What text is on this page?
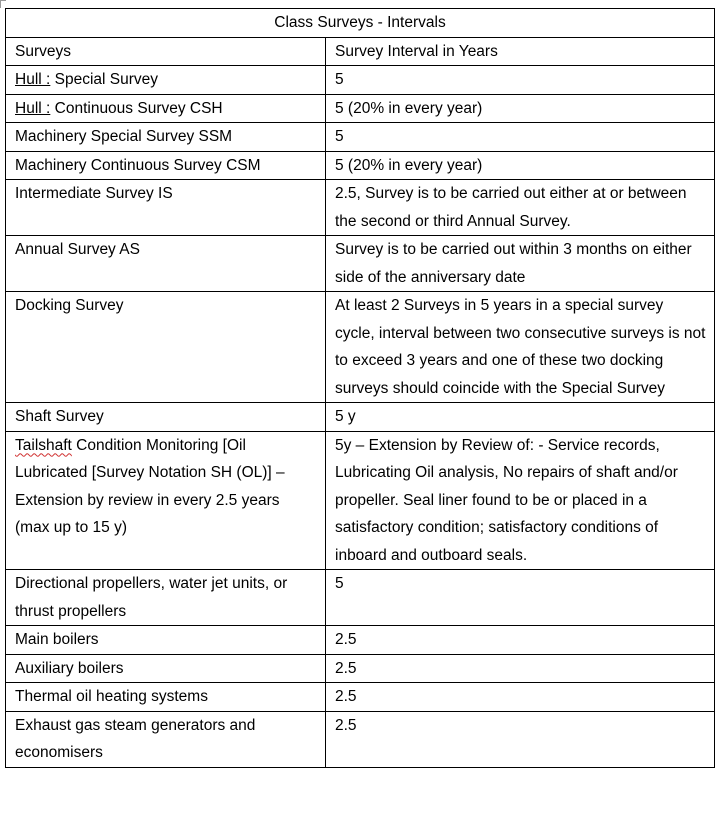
Class Surveys - Intervals	
Surveys	Survey Interval in Years
Hull : Special Survey	5
Hull : Continuous Survey CSH	5 (20% in every year)
Machinery Special Survey SSM	5
Machinery Continuous Survey CSM	5 (20% in every year)
Intermediate Survey IS	2.5, Survey is to be carried out either at or between the second or third Annual Survey.
Annual Survey AS	Survey is to be carried out within 3 months on either side of the anniversary date
Docking Survey	At least 2 Surveys in 5 years in a special survey cycle, interval between two consecutive surveys is not to exceed 3 years and one of these two docking surveys should coincide with the Special Survey
Shaft Survey	5 y
Tailshaft Condition Monitoring [Oil Lubricated [Survey Notation SH (OL)] –Extension by review in every 2.5 years (max up to 15 y)	5y – Extension by Review of: - Service records, Lubricating Oil analysis, No repairs of shaft and/or propeller. Seal liner found to be or placed in a satisfactory condition; satisfactory conditions of inboard and outboard seals.
Directional propellers, water jet units, or thrust propellers	5
Main boilers	2.5
Auxiliary boilers	2.5
Thermal oil heating systems	2.5
Exhaust gas steam generators and economisers	2.5
